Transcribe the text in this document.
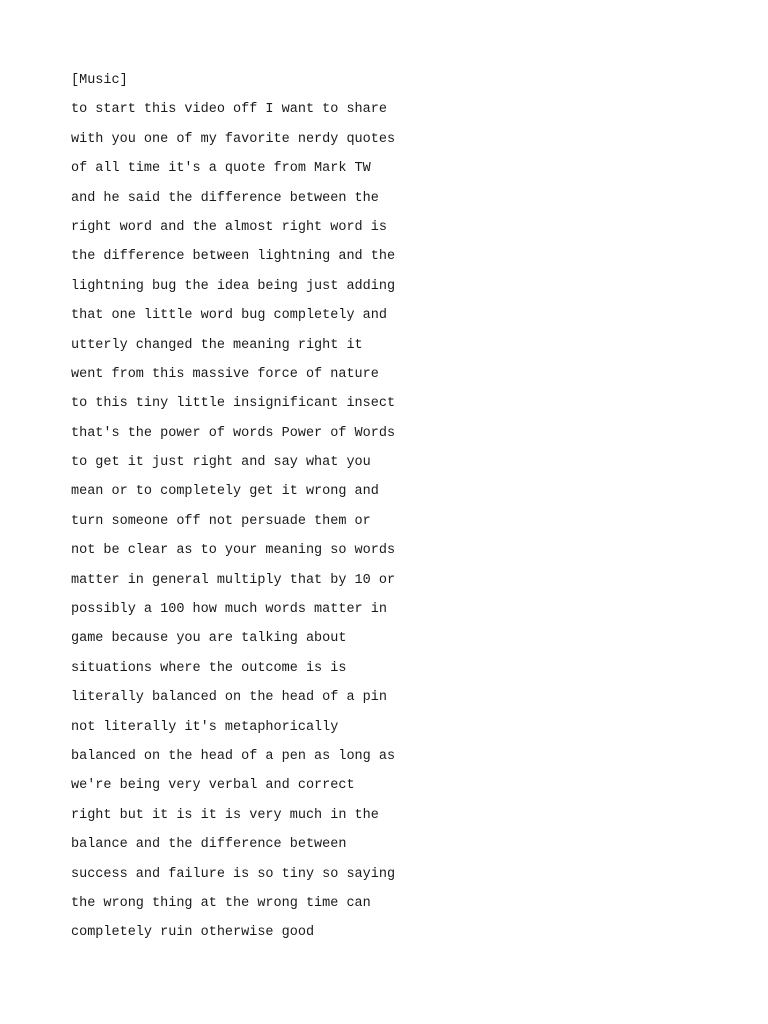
[Music]
to start this video off I want to share
with you one of my favorite nerdy quotes
of all time it's a quote from Mark TW
and he said the difference between the
right word and the almost right word is
the difference between lightning and the
lightning bug the idea being just adding
that one little word bug completely and
utterly changed the meaning right it
went from this massive force of nature
to this tiny little insignificant insect
that's the power of words Power of Words
to get it just right and say what you
mean or to completely get it wrong and
turn someone off not persuade them or
not be clear as to your meaning so words
matter in general multiply that by 10 or
possibly a 100 how much words matter in
game because you are talking about
situations where the outcome is is
literally balanced on the head of a pin
not literally it's metaphorically
balanced on the head of a pen as long as
we're being very verbal and correct
right but it is it is very much in the
balance and the difference between
success and failure is so tiny so saying
the wrong thing at the wrong time can
completely ruin otherwise good
